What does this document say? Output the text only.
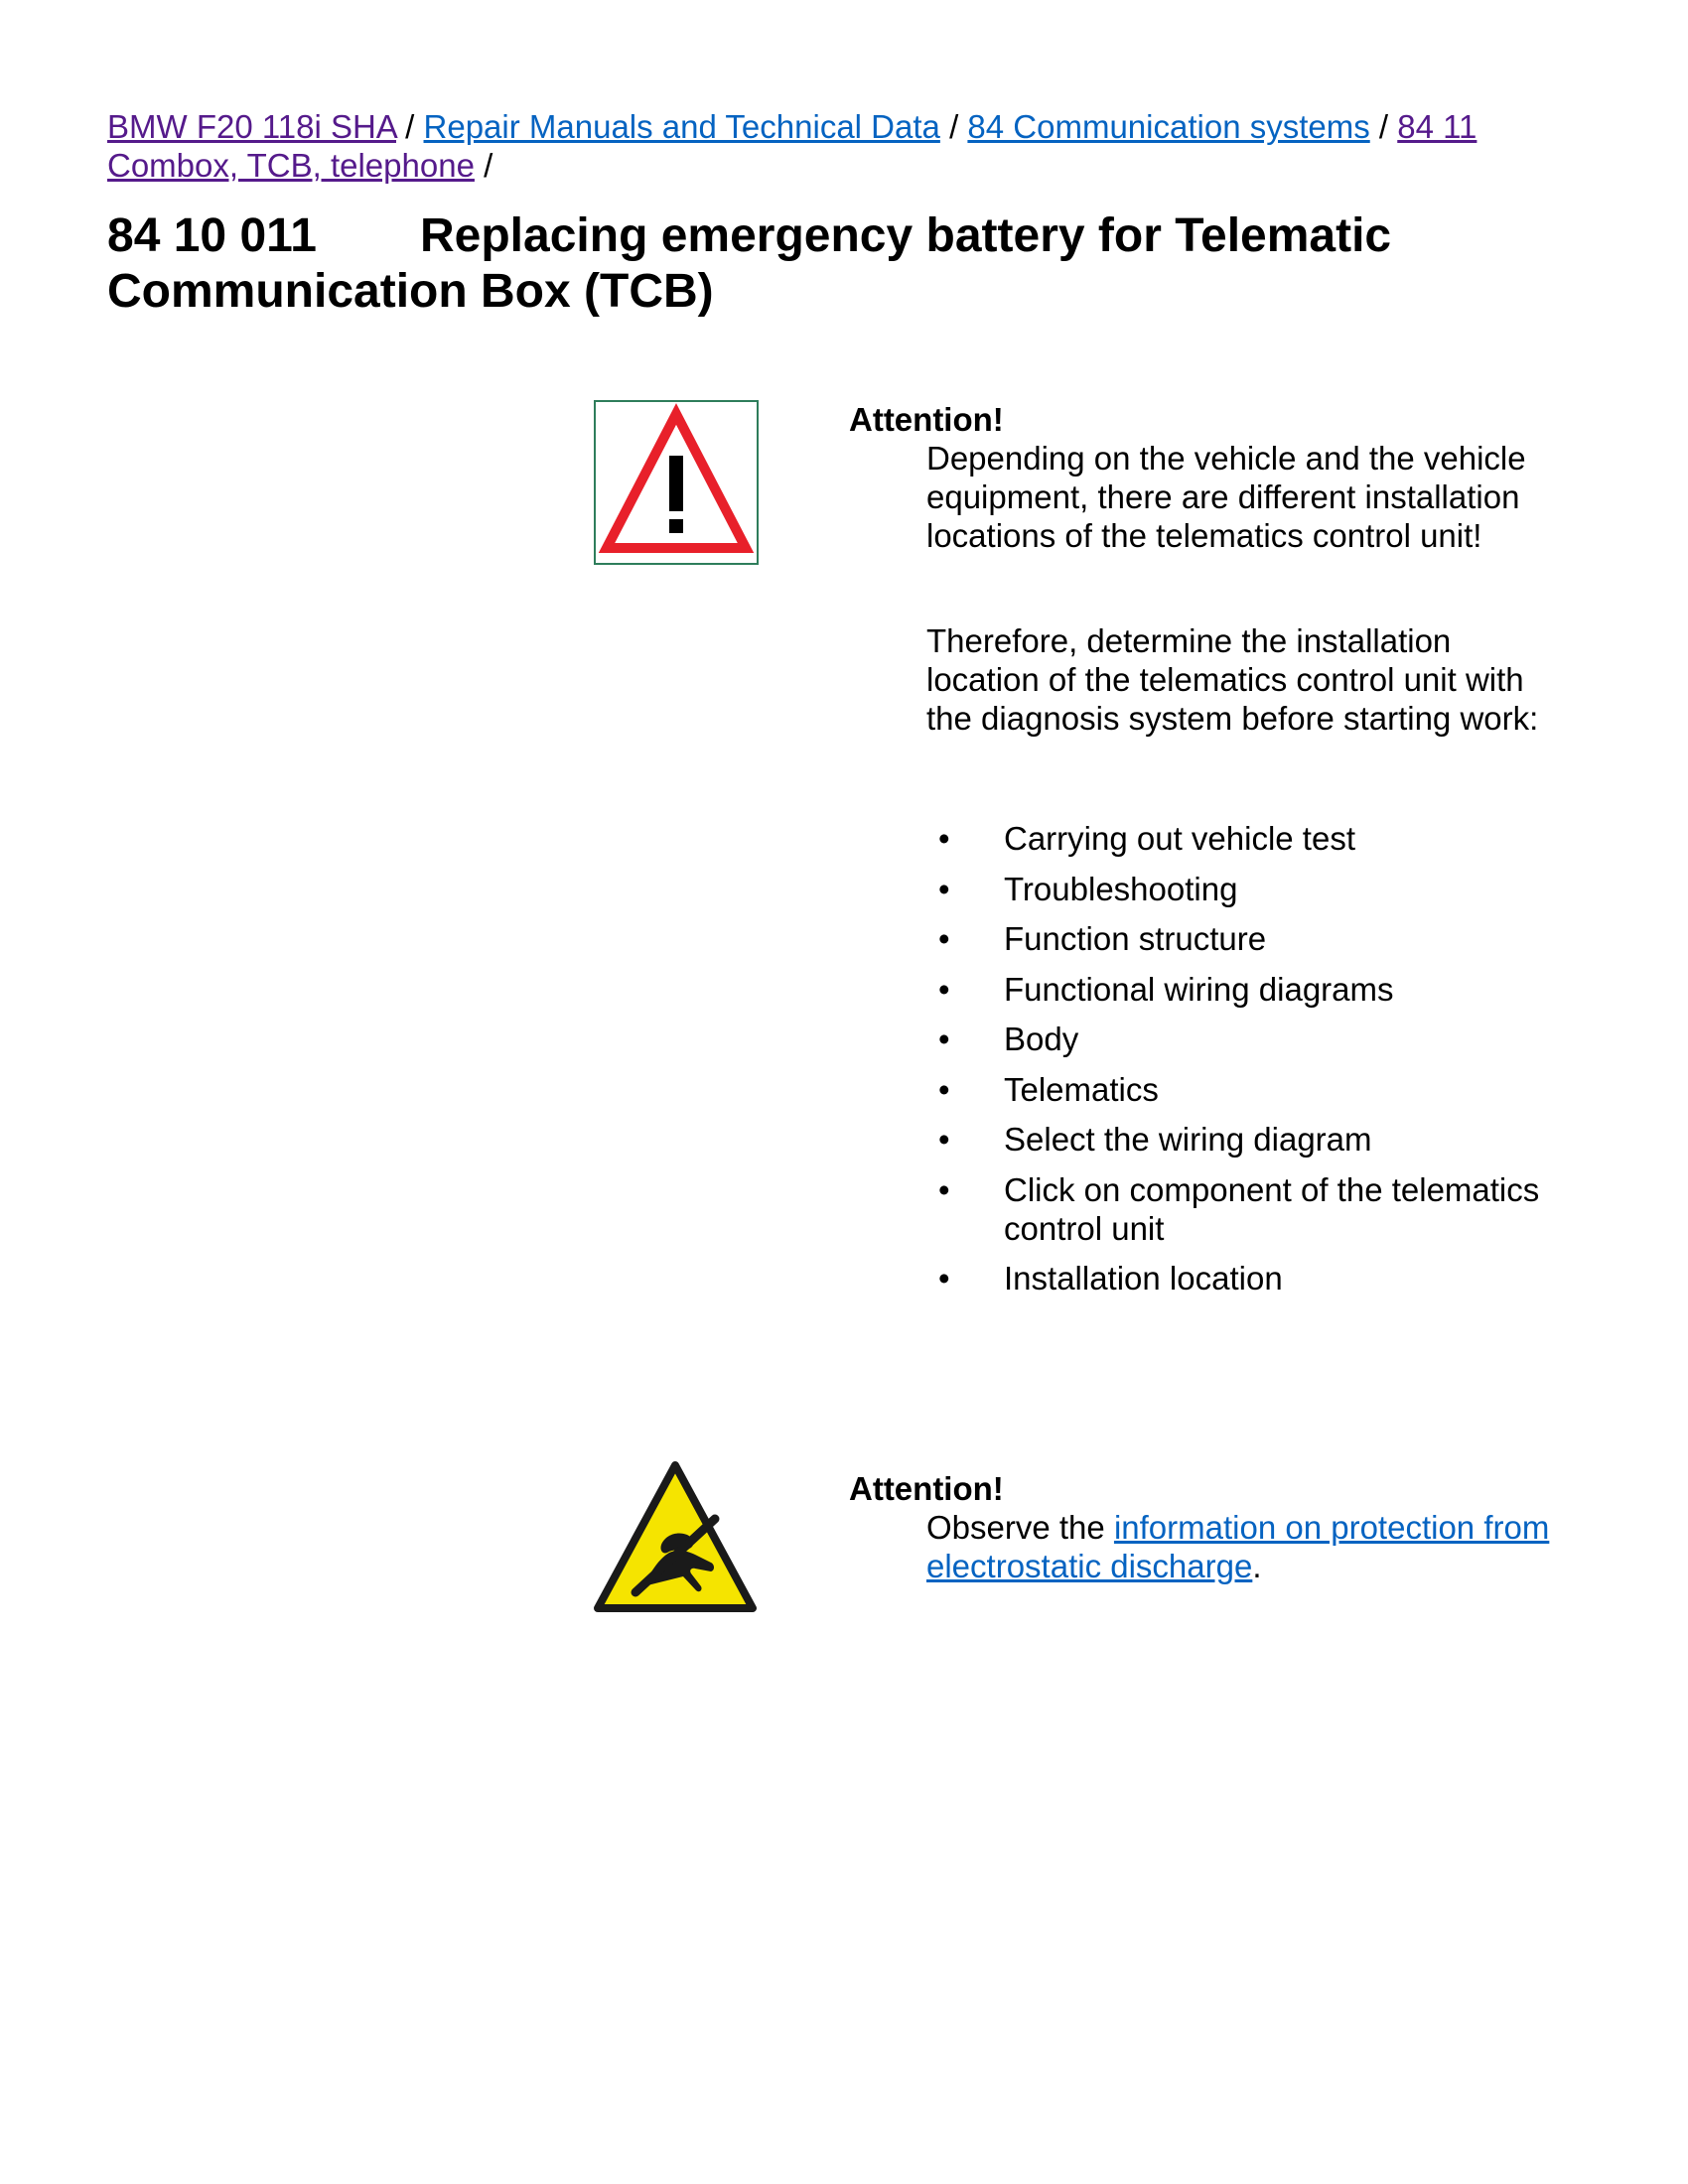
BMW F20 118i SHA / Repair Manuals and Technical Data / 84 Communication systems / 84 11 Combox, TCB, telephone /
84 10 011 Replacing emergency battery for Telematic Communication Box (TCB)

Attention!

Depending on the vehicle and the vehicle equipment, there are different installation locations of the telematics control unit!

Therefore, determine the installation location of the telematics control unit with the diagnosis system before starting work:

• Carrying out vehicle test
• Troubleshooting
• Function structure
• Functional wiring diagrams
• Body
• Telematics
• Select the wiring diagram
• Click on component of the telematics control unit
• Installation location

Attention!

Observe the information on protection from electrostatic discharge.
